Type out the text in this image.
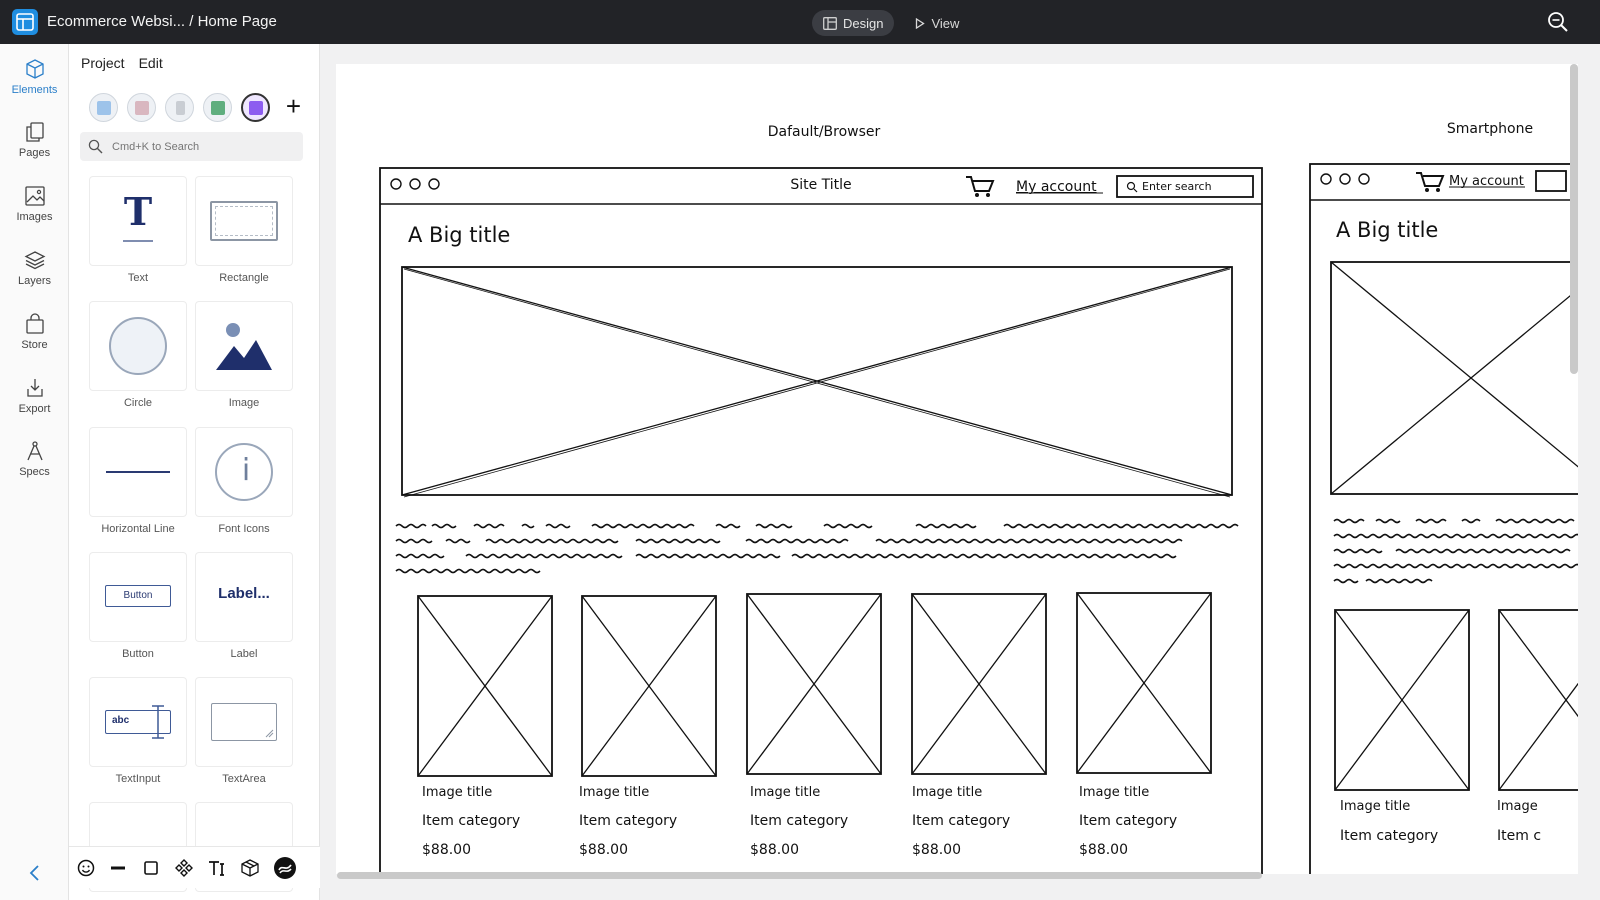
Ecommerce Websi... / Home Page	Design	View
Elements
Pages
Images
Layers
Store
Export
Specs
Project Edit
+
Cmd+K to Search
T
Text	Rectangle
Circle	Image
Horizontal Line
i
Font Icons
Button
Button
Label...
Label
abc
TextInput	TextArea
Dafault/Browser	Smartphone
Site Title	My account	Enter search
A Big title
Image title
Item category
$88.00
Image title
Item category
$88.00
Image title
Item category
$88.00
Image title
Item category
$88.00
Image title
Item category
$88.00
My account
A Big title
Image title
Item category
Image
Item c
